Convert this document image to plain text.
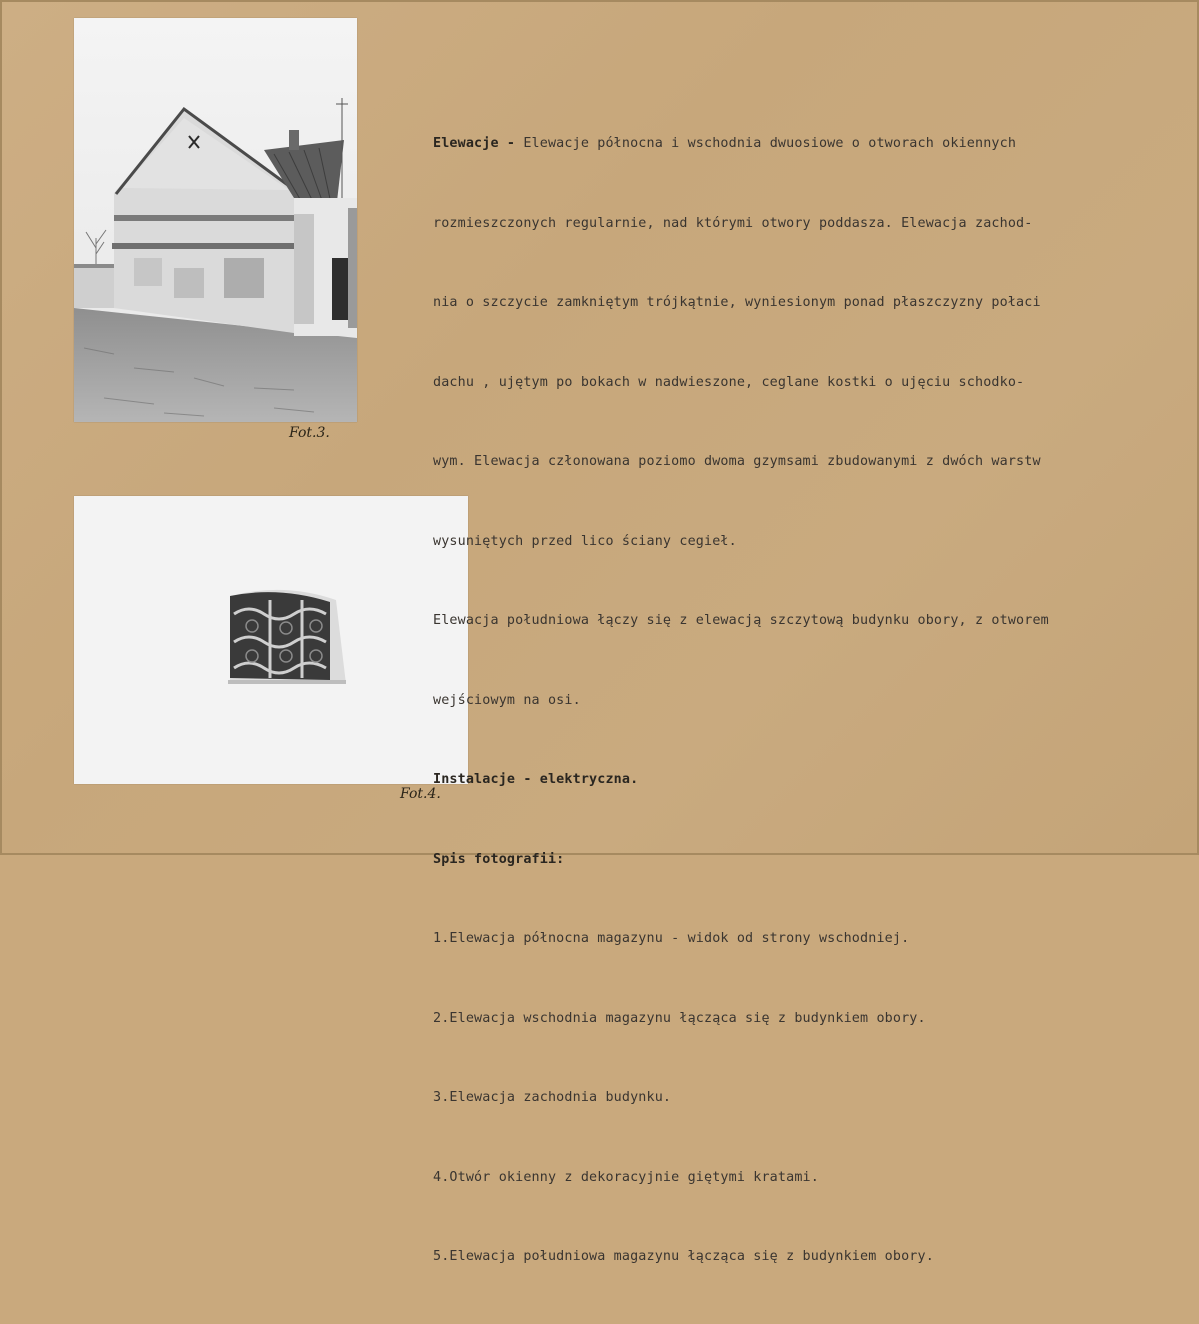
Fot.3.
Fot.4.

Elewacje - Elewacje północna i wschodnia dwuosiowe o otworach okiennych

rozmieszczonych regularnie, nad którymi otwory poddasza. Elewacja zachod-

nia o szczycie zamkniętym trójkątnie, wyniesionym ponad płaszczyzny połaci

dachu , ujętym po bokach w nadwieszone, ceglane kostki o ujęciu schodko-

wym. Elewacja członowana poziomo dwoma gzymsami zbudowanymi z dwóch warstw

wysuniętych przed lico ściany cegieł.

Elewacja południowa łączy się z elewacją szczytową budynku obory, z otworem

wejściowym na osi.

Instalacje - elektryczna.

Spis fotografii:

1.Elewacja północna magazynu - widok od strony wschodniej.

2.Elewacja wschodnia magazynu łącząca się z budynkiem obory.

3.Elewacja zachodnia budynku.

4.Otwór okienny z dekoracyjnie giętymi kratami.

5.Elewacja południowa magazynu łącząca się z budynkiem obory.
